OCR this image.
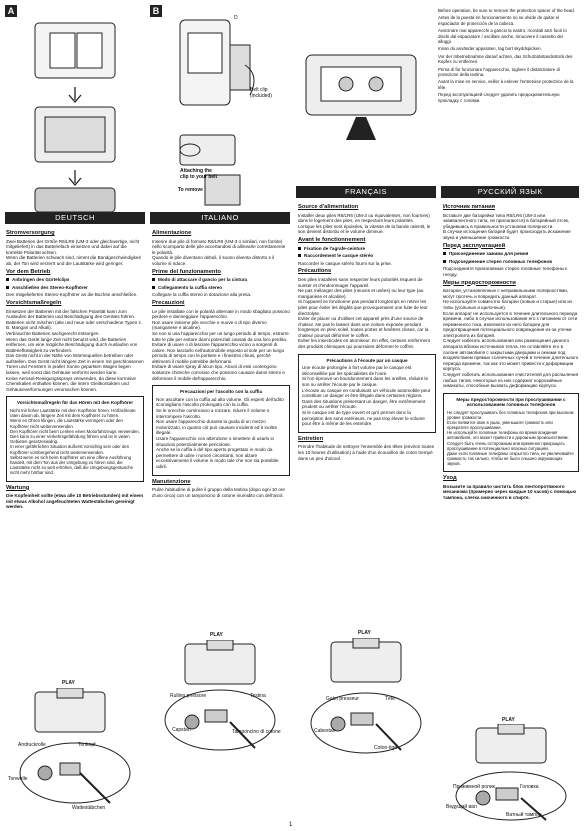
A	B
D
Belt clip
(included)
Attaching the
clip to your belt
To remove

Before operation, be sure to remove the protection spacer of the head.

Antes de la puesta en funcionamiento no se olvide de quitar el espaciador de protección de la cabeza.

Avvicinare mai apparecchi a gancio la nastro, ricordati anzi fuori lo dischi dal espaciatore / oscillare anche, rimuovere il cassetto dei alloggi.

Innan du använder apparaten, tag bort skyddspicken.

Vor der Inbetriebnahme darauf achten, das Schutzabstandsstück des Kopfes zu entfernen.

Prima di far funzionare l'apparecchio, togliere il distanziatore di protezione della testina.

Avant la mise en service, veiller à enlever l'entretoise protectrice de la tête.

Перед эксплуатацией следует удалить предохранительную прокладку с головки.

DEUTSCH	ITALIANO
FRANÇAIS	РУССКИЙ ЯЗЫК
Stromversorgung

Zwei Batterien der Größe R6/LR6 (UM-3 oder gleichwertige, nicht mitgeliefert) in das Batteriefach einsetzen und dabei auf die korrekte Polarität achten.
Wenn die Batterien schwach sind, nimmt die Bandgeschwindigkeit ab, der Ton wird verzerrt und die Lautstärke wird geringer.

Vor dem Betrieb

Anbringen des Gürtelclips

Anschließen des Stereo-Kopfhörer

Den mitgelieferten Stereo-Kopfhörer an die Buchse anschließen.

Vorsichtsmaßregeln

Einsetzen der Batterien mit der falschen Polarität kann zum Auslaufen der Batterien und Beschädigung des Gerätes führen.
Batterien nicht mischen (alte und neue oder verschiedene Typen z. B. Mangan und Alkali).
Verbrauchte Batterien sachgerecht entsorgen.
Wenn das Gerät lange Zeit nicht benutzt wird, die Batterien entfernen, um eine mögliche Beschädigung durch Auslaufen von Batterieflüssigkeit zu verhindern.
Das Gerät nicht in der Nähe von Wärmequellen betreiben oder aufstellen. Das Gerät nicht längere Zeit in einem mit geschlossenen Türen und Fenstern in praller Sonne geparkten Wagen liegen lassen, weil sonst das Gehäuse verformt werden kann.
Keine Aerosol-Reinigungssprays verwenden, da diese korrosive Chemikalien enthalten können, die intern Gleitkontakten und Gehäuseverformungen verursachen können.

Vorsichtsmaßregeln für das Hören mit den Kopfhörer

Nicht mit hoher Lautstärke mit dem Kopfhörer hören. Hörfachleute raten davon ab, längere Zeit mit dem Kopfhörer zu hören.
Wenn es Ohren klingen, die Lautstärke verringern oder den Kopfhörer nicht weiterverwenden.
Den Kopfhörer nicht beim Lenken eines Motorfahrzeugs verwenden. Dies kann zu einer Verkehrsgefährdung führen und ist in vielen Gebieten gesetzeswidrig.
In einer gefährlichen Situation äußerst vorsichtig sein oder den Kopfhörer vorübergehend nicht weiterverwenden.
Selbst wenn es sich beim Kopfhörer um eine offene Ausführung handelt, mit dem Ton aus der Umgebung zu hören sind, die Lautstärke nicht so weit erhöhen, daß die Umgebungsgeräusche nicht mehr hörbar sind.

Wartung

Die Kopfeinheit sollte (etwa alle 10 Betriebsstunden) mit einem mit etwas Alkohol angefeuchteten Wattestäbchen gereinigt werden.

PLAY
Andruckrolle	Tonkopf
Tonwelle
Wattestäbchen
Alimentazione

Inserire due pile di formato R6/LR6 (UM-3 o similari, non fornite) nello scomparto delle pile accertandosi di allinearle correttamente le polarità.
Quando le pile diventano deboli, il suono diventa distorto e il volume si riduce.

Prime del funzionamento

Modo di attaccare il gancio per la cintura

Collegamento la cuffia stereo

Collegare la cuffia stereo in dotazione alla presa.

Precauzioni

Le pile installate con le polarità alternate in modo sbagliato possono perdere e danneggiare l'apparecchio.
Non usare insieme pile vecchie e nuove o di tipo diverso (manganese e alcaline).
Se non si usa l'apparecchio per un lungo periodo di tempo, estrarre tutte le pile per evitare danni potenziali causati da una loro perdita.
Evitare di usare o di lasciare l'apparecchio vicino a sorgenti di calore. Non lasciarlo nell'automobile esposto al sole per un lungo periodo di tempo con le portiere e i finestrini chiusi, perché altrimenti il mobile potrebbe deformarsi.
Evitare di usare spray di alcun tipo. Alcuni di essi contengono sostanze chimiche corrosive che possono causare danni interni e deformare il mobile dell'apparecchio.

Precauzioni per l'ascolto con la cuffia

Non ascoltare con la cuffia ad alto volume. Gli esperti dell'udito sconsigliano l'ascolto prolungato con la cuffia.
Se le orecchie cominciano a ronzare, ridurre il volume o interrompere l'ascolto.
Non usare l'apparecchio durante la guida di un mezzo motorizzato, in quanto ciò può causare incidenti ed è inoltre illegale.
Usare l'apparecchio con attenzione o smettere di usarlo in situazioni potenzialmente pericolose.
Anche se la cuffia è del tipo aperto progettato in modo da permettere di udire i rumori circostanti, non alzare eccessivamente il volume in modo tale che non sia possibile udirli.

Manutenzione

Pulire l'abitudine di pulire il gruppo della testina (dopo ogni 10 ore d'uso circa) con un tamponcino di cotone inumidito con dell'alcol.

PLAY
Rullino pressore	Testina
Capstan	Tamponcino di cotone
Source d'alimentation

Installer deux piles R6/LR6 (UM-3 ou équivalentes, non fournies) dans le logement des piles, en respectant leurs polarités.
Lorsque les piles sont épuisées, la vitesse de la bande ralentit, le son devient distordu et le volume diminue.

Avant le fonctionnement

Fixation de l'agrafe-ceinture

Raccordement le casque stéréo

Raccorder le casque stéréo fourni sur la prise.

Précautions

Des piles installées sans respecter leurs polarités risquent de suinter et d'endommager l'appareil.
Ne pas mélanger des piles (neuves et usées) ou leur type (au manganèse et alcaline).
Si l'appareil ne fonctionne pas pendant longtemps en retirer les piles pour éviter les dégâts que provoqueraient une fuite de leur électrolyte.
Eviter de placer ou d'utiliser cet appareil près d'une source de chaleur. Ne pas le laisser dans une voiture exposée pendant longtemps en plein soleil, toutes portes et fenêtres closes, car la chaleur pourrait déformer le coffret.
Eviter les insecticides en atomiseur. En effet, certains renferment des produits chimiques qui pourraient déformer le coffret.

Précautions à l'écoute par un casque

Une écoute prolongée à fort volume par le casque est déconseillée par les spécialistes de l'ouïe.
Si l'on éprouve un bourdonnement dans les oreilles, réduire le son ou arrêter l'écoute par le casque.
L'écoute au casque en conduisant un véhicule automobile peut constituer un danger et être illégale dans certaines régions.
Dans des situations présentant un danger, être extrêmement prudent ou arrêter l'écoute.
Si le casque est de type ouvert et qu'il permet donc la perception des sons extérieurs, ne pas trop élever le volume pour être à même de les entendre.

Entretien

Prendre l'habitude de nettoyer l'ensemble des têtes (environ toutes les 10 heures d'utilisation) à l'aide d'un écouvillon de coton trempé dans un peu d'alcool.

PLAY
Galet presseur	Tête
Cabestan
Coton-tige
Источник питания

Вставьте две батарейки типа R6/LR6 (UM-3 или эквивалентного типа, не прилагаются) в батарейный отсек, убедившись в правильности установки полярности.
В случае истощения батарей будет происходить искажение звука и уменьшение громкости.

Перед эксплуатацией

Присоединение зажима для ремня

Подсоединение стерео головных телефонов

Подсоедините прилагаемые стерео головные телефоны к гнезду.

Меры предосторожности

Батареи, установленные с неправильными полярностями, могут протечь и повредить данный аппарат.
Не используйте совместно батареи (новые и старые) или их типы (угольные и щелочные).
Если аппарат не используется в течение длительного периода времени, либо в случае использования его с питанием от сети переменного тока, извлеките из него батареи для предотвращения потенциального повреждения из-за утечки электролита из батарей.
Следует избегать использования или размещения данного аппарата вблизи источников тепла. Не оставляйте его в салоне автомобиля с закрытыми дверцами и окнами под воздействием прямых солнечных лучей в течение длительного периода времени, так как это может привести к деформации корпуса.
Следует избегать использования очистителей для распыления любых типов. Некоторые из них содержат коррозийные химикаты, способные вызвать деформацию корпуса.

Меры предосторожности при прослушивании с использованием головных телефонов

Не следует прослушивать без головных телефонов при высоком уровне громкости.
Если появится звон в ушах, уменьшите громкость или прекратите прослушивание.
Не используйте головные телефоны во время вождения автомобиля, это может привести к дорожным происшествиям.
Следует быть очень осторожным или временно прекращать прослушивание в потенциально опасных ситуациях.
Даже если головные телефоны открытого типа, не увеличивайте громкость так сильно, чтобы не было слышно окружающих звуков.

Уход

Возьмите за правило чистить блок лентопротяжного механизма (примерно через каждые 10 часов) с помощью тампона, слегка смоченного в спирте.

PLAY
Прижимной ролик	Головка
Ведущий вал
Ватный тампон
1
